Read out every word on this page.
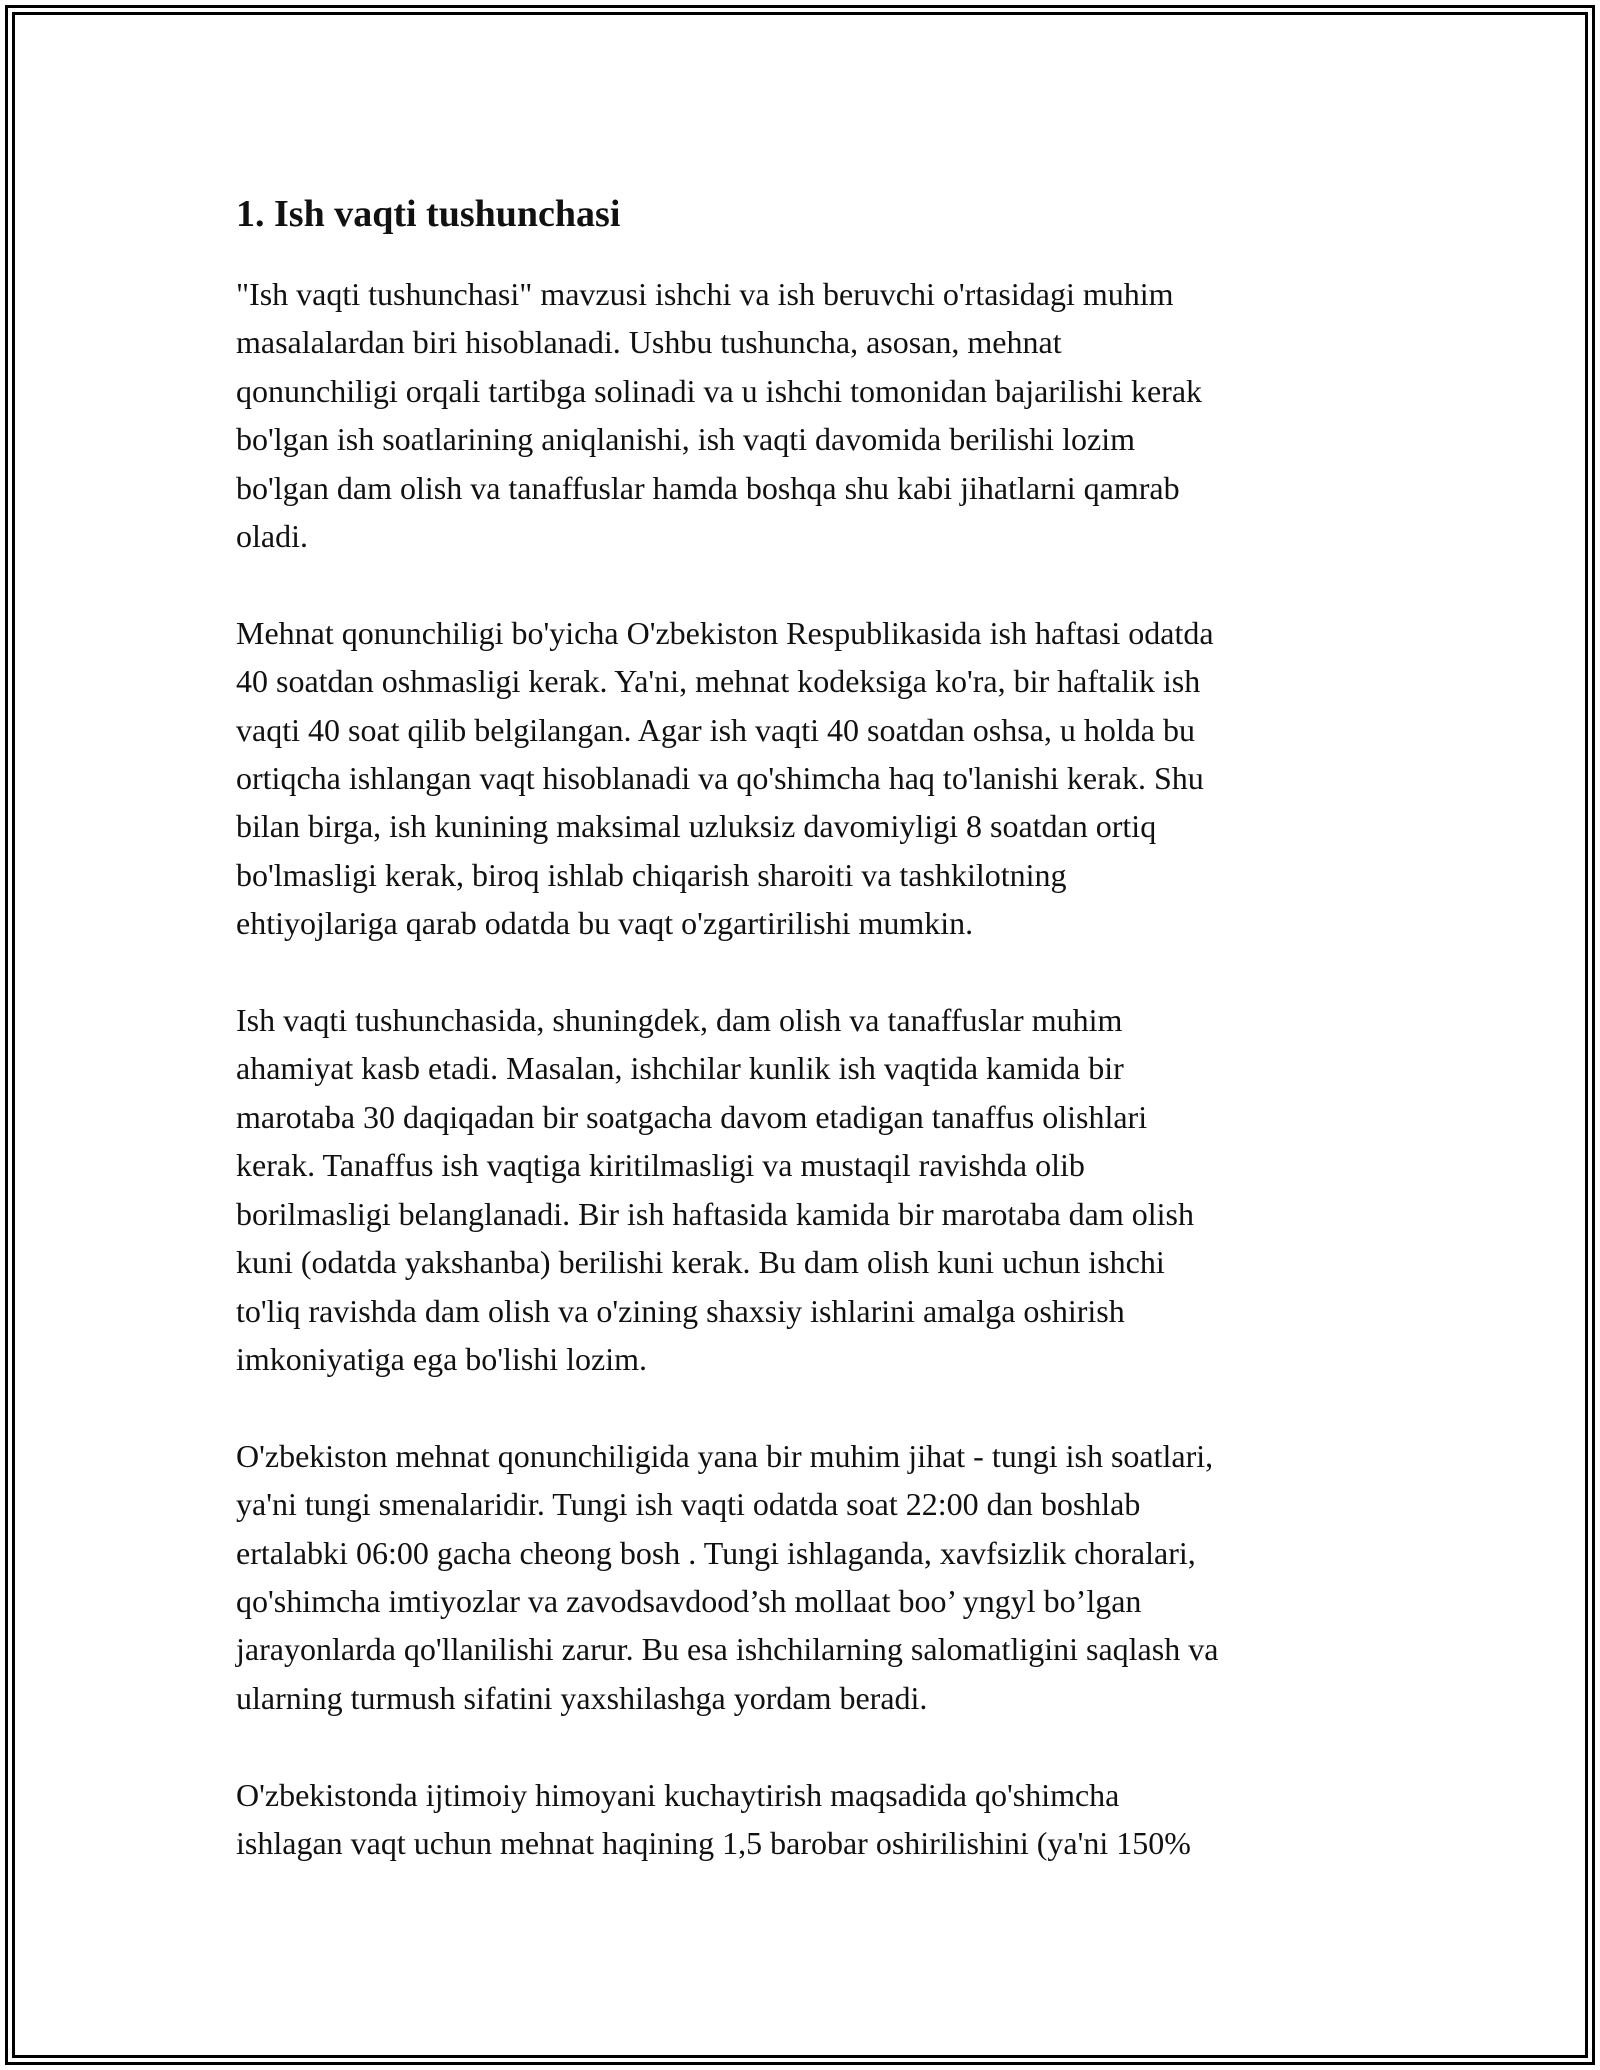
1. Ish vaqti tushunchasi

"Ish vaqti tushunchasi" mavzusi ishchi va ish beruvchi o'rtasidagi muhim
masalalardan biri hisoblanadi. Ushbu tushuncha, asosan, mehnat
qonunchiligi orqali tartibga solinadi va u ishchi tomonidan bajarilishi kerak
bo'lgan ish soatlarining aniqlanishi, ish vaqti davomida berilishi lozim
bo'lgan dam olish va tanaffuslar hamda boshqa shu kabi jihatlarni qamrab
oladi.

Mehnat qonunchiligi bo'yicha O'zbekiston Respublikasida ish haftasi odatda
40 soatdan oshmasligi kerak. Ya'ni, mehnat kodeksiga ko'ra, bir haftalik ish
vaqti 40 soat qilib belgilangan. Agar ish vaqti 40 soatdan oshsa, u holda bu
ortiqcha ishlangan vaqt hisoblanadi va qo'shimcha haq to'lanishi kerak. Shu
bilan birga, ish kunining maksimal uzluksiz davomiyligi 8 soatdan ortiq
bo'lmasligi kerak, biroq ishlab chiqarish sharoiti va tashkilotning
ehtiyojlariga qarab odatda bu vaqt o'zgartirilishi mumkin.

Ish vaqti tushunchasida, shuningdek, dam olish va tanaffuslar muhim
ahamiyat kasb etadi. Masalan, ishchilar kunlik ish vaqtida kamida bir
marotaba 30 daqiqadan bir soatgacha davom etadigan tanaffus olishlari
kerak. Tanaffus ish vaqtiga kiritilmasligi va mustaqil ravishda olib
borilmasligi belanglanadi. Bir ish haftasida kamida bir marotaba dam olish
kuni (odatda yakshanba) berilishi kerak. Bu dam olish kuni uchun ishchi
to'liq ravishda dam olish va o'zining shaxsiy ishlarini amalga oshirish
imkoniyatiga ega bo'lishi lozim.

O'zbekiston mehnat qonunchiligida yana bir muhim jihat - tungi ish soatlari,
ya'ni tungi smenalaridir. Tungi ish vaqti odatda soat 22:00 dan boshlab
ertalabki 06:00 gacha cheong bosh . Tungi ishlaganda, xavfsizlik choralari,
qo'shimcha imtiyozlar va zavodsavdood’sh mollaat boo’ yngyl bo’lgan
jarayonlarda qo'llanilishi zarur. Bu esa ishchilarning salomatligini saqlash va
ularning turmush sifatini yaxshilashga yordam beradi.

O'zbekistonda ijtimoiy himoyani kuchaytirish maqsadida qo'shimcha
ishlagan vaqt uchun mehnat haqining 1,5 barobar oshirilishini (ya'ni 150%
